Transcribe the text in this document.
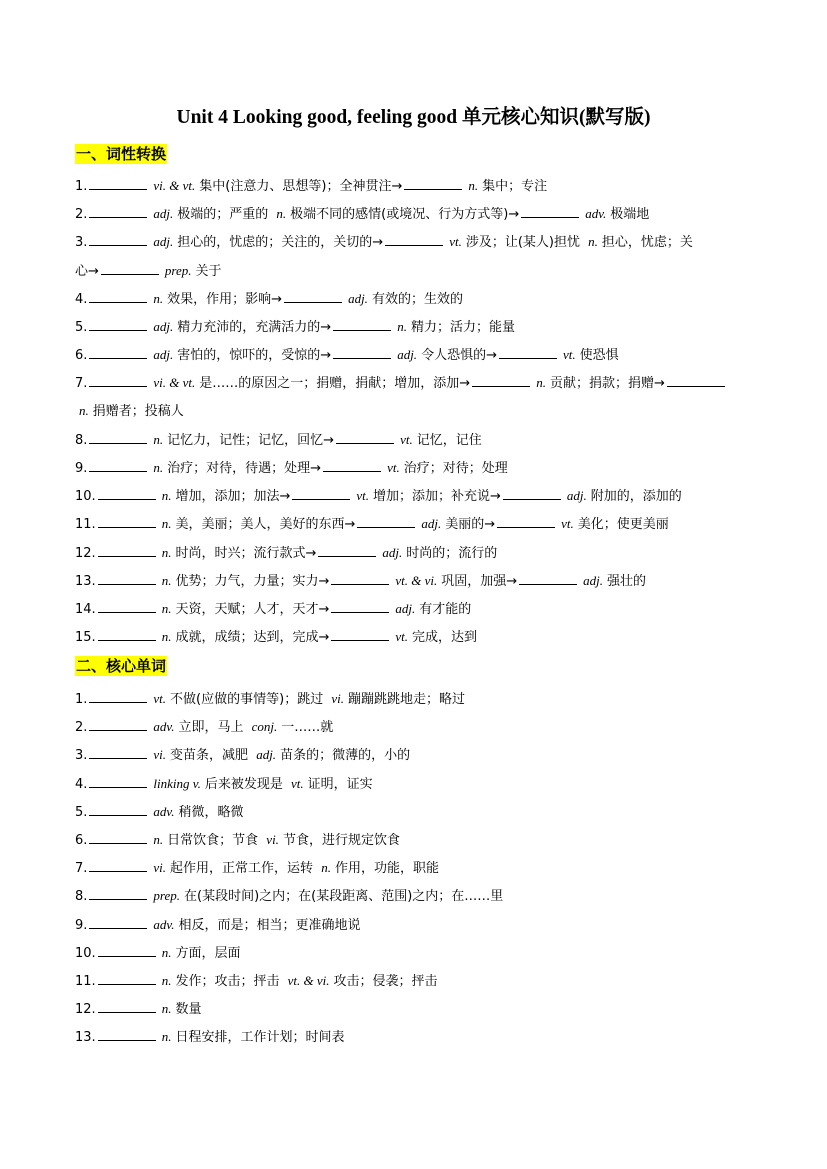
Unit 4 Looking good, feeling good 单元核心知识(默写版)
一、词性转换
1.	vi. & vt. 集中(注意力、思想等)；全神贯注→	n. 集中；专注
2.	adj. 极端的；严重的 n. 极端不同的感情(或境况、行为方式等)→	adv. 极端地
3.	adj. 担心的，忧虑的；关注的，关切的→	vt. 涉及；让(某人)担忧 n. 担心，忧虑；关
心→	prep. 关于
4.	n. 效果，作用；影响→	adj. 有效的；生效的
5.	adj. 精力充沛的，充满活力的→	n. 精力；活力；能量
6.	adj. 害怕的，惊吓的，受惊的→	adj. 令人恐惧的→	vt. 使恐惧
7.	vi. & vt. 是……的原因之一；捐赠，捐献；增加，添加→	n. 贡献；捐款；捐赠→
n. 捐赠者；投稿人
8.	n. 记忆力，记性；记忆，回忆→	vt. 记忆，记住
9.	n. 治疗；对待，待遇；处理→	vt. 治疗；对待；处理
10.	n. 增加，添加；加法→	vt. 增加；添加；补充说→	adj. 附加的，添加的
11.	n. 美，美丽；美人，美好的东西→	adj. 美丽的→	vt. 美化；使更美丽
12.	n. 时尚，时兴；流行款式→	adj. 时尚的；流行的
13.	n. 优势；力气，力量；实力→	vt. & vi. 巩固，加强→	adj. 强壮的
14.	n. 天资，天赋；人才，天才→	adj. 有才能的
15.	n. 成就，成绩；达到，完成→	vt. 完成，达到
二、核心单词
1.	vt. 不做(应做的事情等)；跳过 vi. 蹦蹦跳跳地走；略过
2.	adv. 立即，马上 conj. 一……就
3.	vi. 变苗条，减肥 adj. 苗条的；微薄的，小的
4.	linking v. 后来被发现是 vt. 证明，证实
5.	adv. 稍微，略微
6.	n. 日常饮食；节食 vi. 节食，进行规定饮食
7.	vi. 起作用，正常工作，运转 n. 作用，功能，职能
8.	prep. 在(某段时间)之内；在(某段距离、范围)之内；在……里
9.	adv. 相反，而是；相当；更准确地说
10.	n. 方面，层面
11.	n. 发作；攻击；抨击 vt. & vi. 攻击；侵袭；抨击
12.	n. 数量
13.	n. 日程安排，工作计划；时间表
